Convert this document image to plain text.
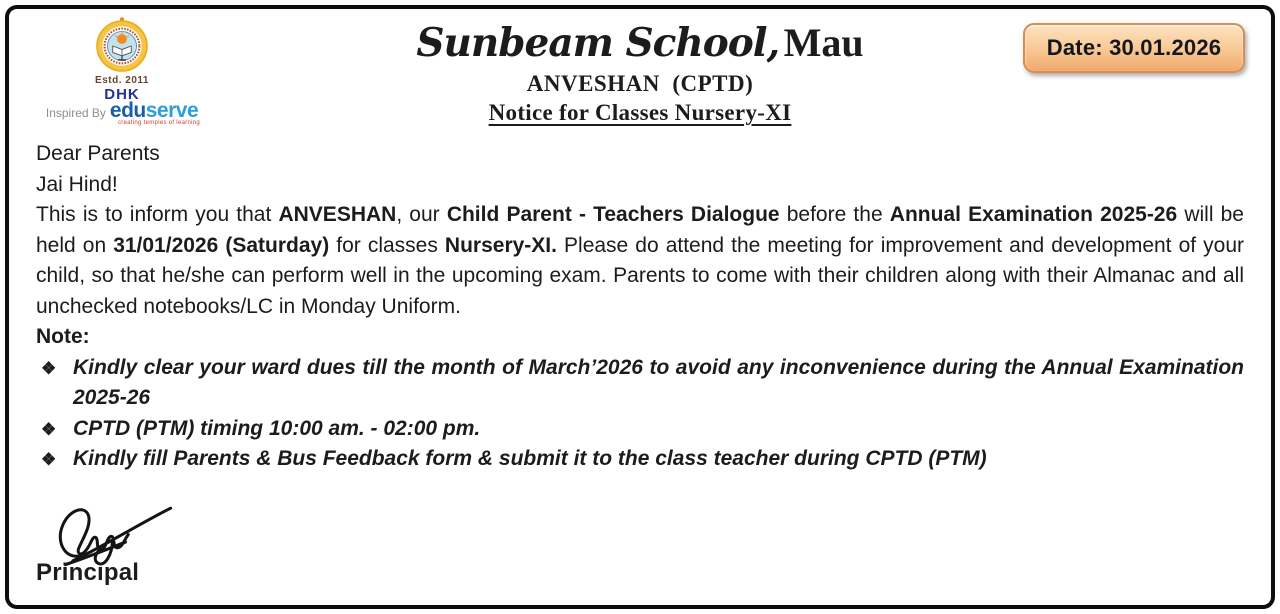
Estd. 2011
DHK
Inspired By eduserve
creating temples of learning
Sunbeam School, Mau
ANVESHAN  (CPTD)
Notice for Classes Nursery-XI
Date: 30.01.2026

Dear Parents

Jai Hind!

This is to inform you that ANVESHAN, our Child Parent - Teachers Dialogue before the Annual Examination 2025-26 will be held on 31/01/2026 (Saturday) for classes Nursery-XI. Please do attend the meeting for improvement and development of your child, so that he/she can perform well in the upcoming exam. Parents to come with their children along with their Almanac and all unchecked notebooks/LC in Monday Uniform.

Note:

❖ Kindly clear your ward dues till the month of March’2026 to avoid any inconvenience during the Annual Examination 2025-26
❖ CPTD (PTM) timing 10:00 am. - 02:00 pm.
❖ Kindly fill Parents & Bus Feedback form & submit it to the class teacher during CPTD (PTM)
Principal
